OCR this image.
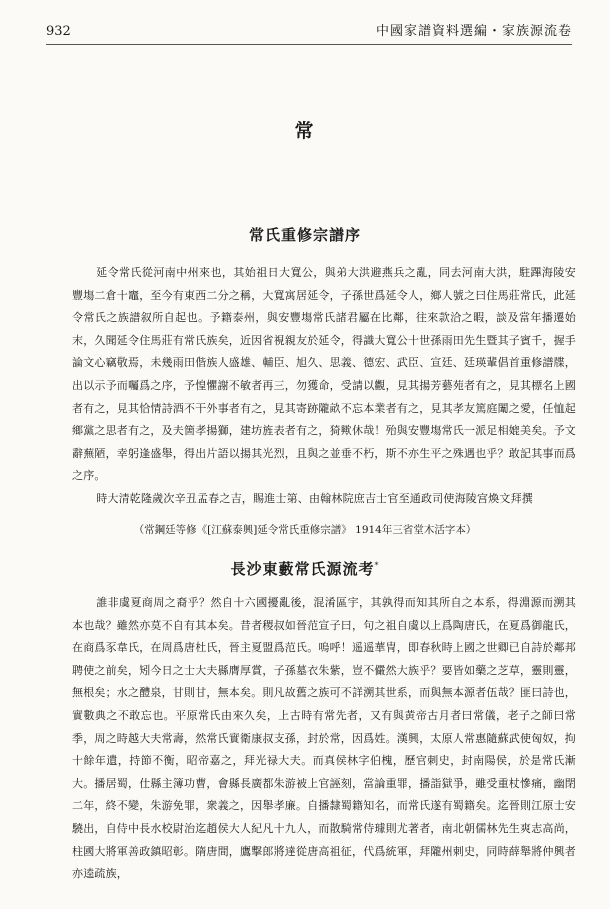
932	中國家譜資料選編・家族源流卷
常
常氏重修宗譜序

延令常氏從河南中州來也，其始祖日大寬公，與弟大洪避燕兵之亂，同去河南大洪，駐蹕海陵安豐塲二倉十竈，至今有東西二分之稱，大寬寓居延令，子孫世爲延令人，鄉人號之曰住馬莊常氏，此延令常氏之族譜叙所自起也。予籍泰州，與安豐塲常氏諸君屬在比鄰，往來款洽之暇，談及當年播遷始末，久聞延令住馬莊有常氏族矣，近因省視親友於延令，得識大寬公十世孫雨田先生暨其子賓千，握手論文心竊敬焉，未幾雨田偕族人盛雄、輔臣、旭久、思義、德宏、武臣、宣廷、廷瑛輩倡首重修譜牒，出以示予而囑爲之序，予惶懼謝不敏者再三，勿獲命，受請以觀，見其揚芳藝苑者有之，見其標名上國者有之，見其恰情詩酒不干外事者有之，見其寄跡隴畝不忘本業者有之，見其孝友篤庭闈之愛，任恤起鄉黨之思者有之，及夫箇孝揚獅，建坊旌表者有之，猗歟休哉！殆與安豐塲常氏一派足相媲美矣。予文辭蕪陋，幸躬逢盛舉，得出片語以揚其光烈，且與之並垂不朽，斯不亦生平之殊遇也乎？敢記其事而爲之序。

時大清乾隆歲次辛丑孟春之吉，賜進士第、由翰林院庶吉士官至通政司使海陵宫煥文拜撰

（常鋼廷等修《[江蘇泰興]延令常氏重修宗譜》 1914年三省堂木活字本）
長沙東藪常氏源流考*

誰非虞夏商周之裔乎？然自十六國擾亂後，混淆區宇，其孰得而知其所自之本系，得淵源而溯其本也哉？雖然亦莫不自有其本矣。昔者稷叔如晉范宣子曰，句之祖自虞以上爲陶唐氏，在夏爲御龍氏，在商爲豕韋氏，在周爲唐杜氏，晉主夏盟爲范氏。嗚呼！遥遥華冑，即春秋時上國之世卿已自詩於鄰邦聘使之前矣，矧今日之士大夫縣膺厚賞，子孫墓衣朱紫，豈不儼然大族乎？要皆如藥之芝草，靈則靈，無根矣；水之醴泉，甘則甘，無本矣。則凡故舊之族可不詳溯其世系，而與無本源者伍哉？匪曰詩也，實數典之不敢忘也。平原常氏由來久矣，上古時有常先者，又有與黄帝古月者曰常儀，老子之師曰常季，周之時越大夫常壽，然常氏實衛康叔支孫，封於常，因爲姓。漢興，太原人常惠隨蘇武使匈奴，拘十餘年遺，持節不衡，昭帝嘉之，拜光禄大夫。而真侯林字伯槐，歷官刺史，封南陽侯，於是常氏漸大。播居蜀，仕縣主簿功曹，會縣長廣都朱游被上官誣刻，當論重罪，播詣獄爭，雖受重杖慘痛，幽閉二年，終不變，朱游免罪，衆義之，因舉孝廉。自播隸蜀籍知名，而常氏遂有蜀籍矣。迄晉則江原士安驍出，自侍中長水校尉治迄趙侯大人紀凡十九人，而散騎常侍璩則尤著者，南北朝儒林先生爽志高尚，柱國大將軍善政鎮昭彰。隋唐間，鷹擊郎將達從唐高祖征，代爲統軍，拜隴州刺史，同時薛舉將仲興者亦逵疏族，
